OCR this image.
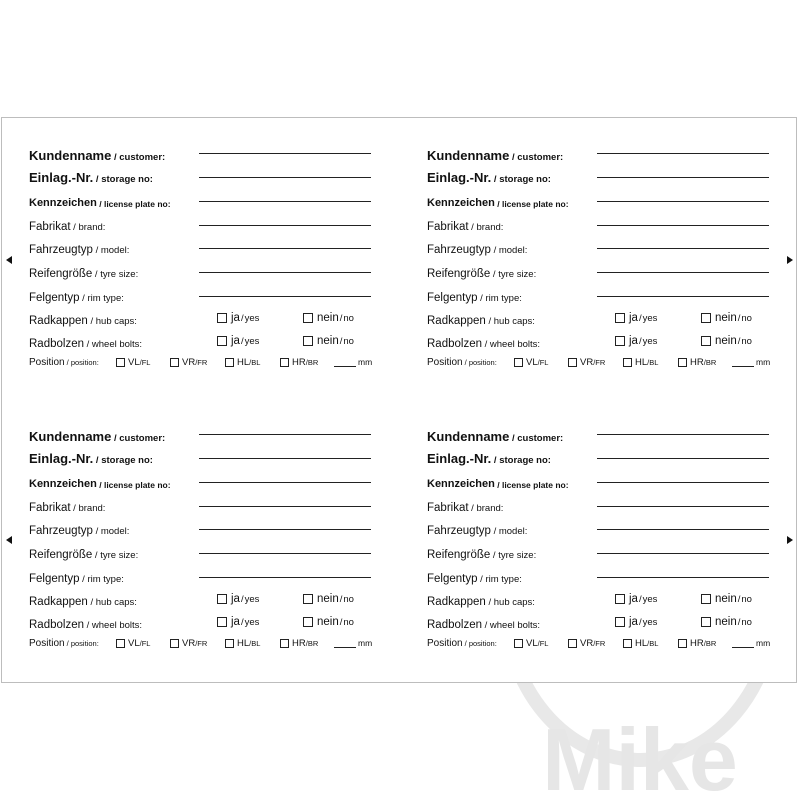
Mike
Kundenname / customer:
Einlag.-Nr. / storage no:
Kennzeichen / license plate no:
Fabrikat / brand:
Fahrzeugtyp / model:
Reifengröße / tyre size:
Felgentyp / rim type:
Radkappen / hub caps:	ja / yes	nein / no
Radbolzen / wheel bolts:	ja / yes	nein / no
Position / position:	VL / FL	VR / FR	HL / BL	HR / BR	mm
Kundenname / customer:
Einlag.-Nr. / storage no:
Kennzeichen / license plate no:
Fabrikat / brand:
Fahrzeugtyp / model:
Reifengröße / tyre size:
Felgentyp / rim type:
Radkappen / hub caps:	ja / yes	nein / no
Radbolzen / wheel bolts:	ja / yes	nein / no
Position / position:	VL / FL	VR / FR	HL / BL	HR / BR	mm
Kundenname / customer:
Einlag.-Nr. / storage no:
Kennzeichen / license plate no:
Fabrikat / brand:
Fahrzeugtyp / model:
Reifengröße / tyre size:
Felgentyp / rim type:
Radkappen / hub caps:	ja / yes	nein / no
Radbolzen / wheel bolts:	ja / yes	nein / no
Position / position:	VL / FL	VR / FR	HL / BL	HR / BR	mm
Kundenname / customer:
Einlag.-Nr. / storage no:
Kennzeichen / license plate no:
Fabrikat / brand:
Fahrzeugtyp / model:
Reifengröße / tyre size:
Felgentyp / rim type:
Radkappen / hub caps:	ja / yes	nein / no
Radbolzen / wheel bolts:	ja / yes	nein / no
Position / position:	VL / FL	VR / FR	HL / BL	HR / BR	mm
